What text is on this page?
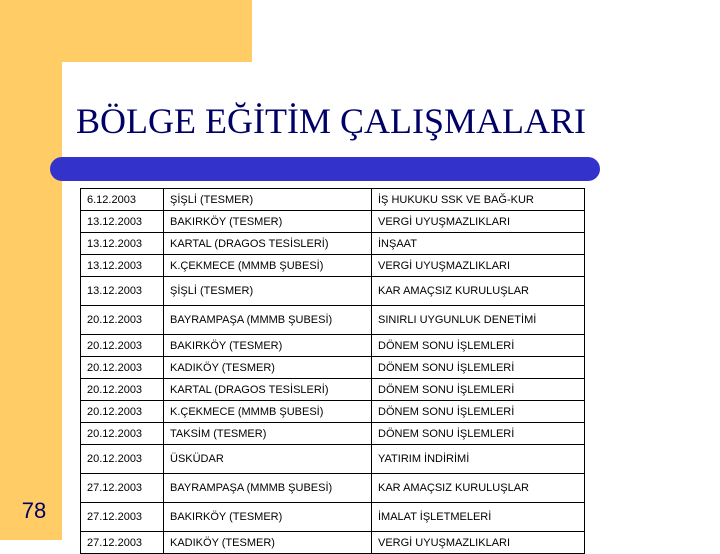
BÖLGE EĞİTİM ÇALIŞMALARI
6.12.2003	ŞİŞLİ (TESMER)	İŞ HUKUKU SSK VE BAĞ-KUR
13.12.2003	BAKIRKÖY (TESMER)	VERGİ UYUŞMAZLIKLARI
13.12.2003	KARTAL (DRAGOS TESİSLERİ)	İNŞAAT
13.12.2003	K.ÇEKMECE (MMMB ŞUBESİ)	VERGİ UYUŞMAZLIKLARI
13.12.2003	ŞİŞLİ (TESMER)	KAR AMAÇSIZ KURULUŞLAR
20.12.2003	BAYRAMPAŞA (MMMB ŞUBESİ)	SINIRLI UYGUNLUK DENETİMİ
20.12.2003	BAKIRKÖY (TESMER)	DÖNEM SONU İŞLEMLERİ
20.12.2003	KADIKÖY (TESMER)	DÖNEM SONU İŞLEMLERİ
20.12.2003	KARTAL (DRAGOS TESİSLERİ)	DÖNEM SONU İŞLEMLERİ
20.12.2003	K.ÇEKMECE (MMMB ŞUBESİ)	DÖNEM SONU İŞLEMLERİ
20.12.2003	TAKSİM (TESMER)	DÖNEM SONU İŞLEMLERİ
20.12.2003	ÜSKÜDAR	YATIRIM İNDİRİMİ
27.12.2003	BAYRAMPAŞA (MMMB ŞUBESİ)	KAR AMAÇSIZ KURULUŞLAR
27.12.2003	BAKIRKÖY (TESMER)	İMALAT İŞLETMELERİ
27.12.2003	KADIKÖY (TESMER)	VERGİ UYUŞMAZLIKLARI
78
